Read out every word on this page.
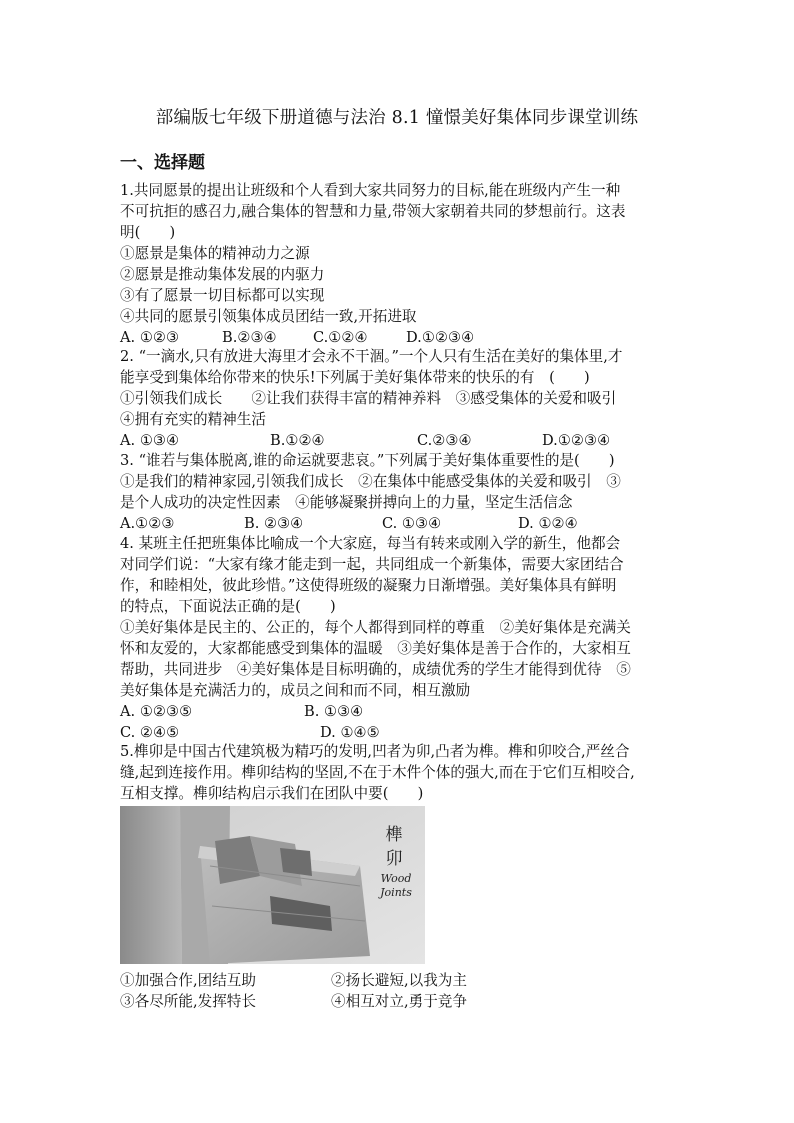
部编版七年级下册道德与法治 8.1 憧憬美好集体同步课堂训练
一、选择题
1.共同愿景的提出让班级和个人看到大家共同努力的目标,能在班级内产生一种
不可抗拒的感召力,融合集体的智慧和力量,带领大家朝着共同的梦想前行。这表
明(　　)
①愿景是集体的精神动力之源
②愿景是推动集体发展的内驱力
③有了愿景一切目标都可以实现
④共同的愿景引领集体成员团结一致,开拓进取
A. ①②③	B.②③④	C.①②④	D.①②③④
2. “一滴水,只有放进大海里才会永不干涸。”一个人只有生活在美好的集体里,才
能享受到集体给你带来的快乐!下列属于美好集体带来的快乐的有　(　　)
①引领我们成长　　②让我们获得丰富的精神养料　③感受集体的关爱和吸引
④拥有充实的精神生活
A. ①③④	B.①②④	C.②③④	D.①②③④
3. “谁若与集体脱离,谁的命运就要悲哀。”下列属于美好集体重要性的是(　　)
①是我们的精神家园,引领我们成长　②在集体中能感受集体的关爱和吸引　③
是个人成功的决定性因素　④能够凝聚拼搏向上的力量，坚定生活信念
A.①②③	B. ②③④	C. ①③④	D. ①②④
4. 某班主任把班集体比喻成一个大家庭，每当有转来或刚入学的新生，他都会
对同学们说：“大家有缘才能走到一起，共同组成一个新集体，需要大家团结合
作，和睦相处，彼此珍惜。”这使得班级的凝聚力日渐增强。美好集体具有鲜明
的特点，下面说法正确的是(　　)
①美好集体是民主的、公正的，每个人都得到同样的尊重　②美好集体是充满关
怀和友爱的，大家都能感受到集体的温暖　③美好集体是善于合作的，大家相互
帮助，共同进步　④美好集体是目标明确的，成绩优秀的学生才能得到优待　⑤
美好集体是充满活力的，成员之间和而不同，相互激励
A. ①②③⑤	B. ①③④
C. ②④⑤	D. ①④⑤
5.榫卯是中国古代建筑极为精巧的发明,凹者为卯,凸者为榫。榫和卯咬合,严丝合
缝,起到连接作用。榫卯结构的坚固,不在于木件个体的强大,而在于它们互相咬合,
互相支撑。榫卯结构启示我们在团队中要(　　)
榫
卯
Wood
Joints
①加强合作,团结互助	②扬长避短,以我为主
③各尽所能,发挥特长	④相互对立,勇于竞争
